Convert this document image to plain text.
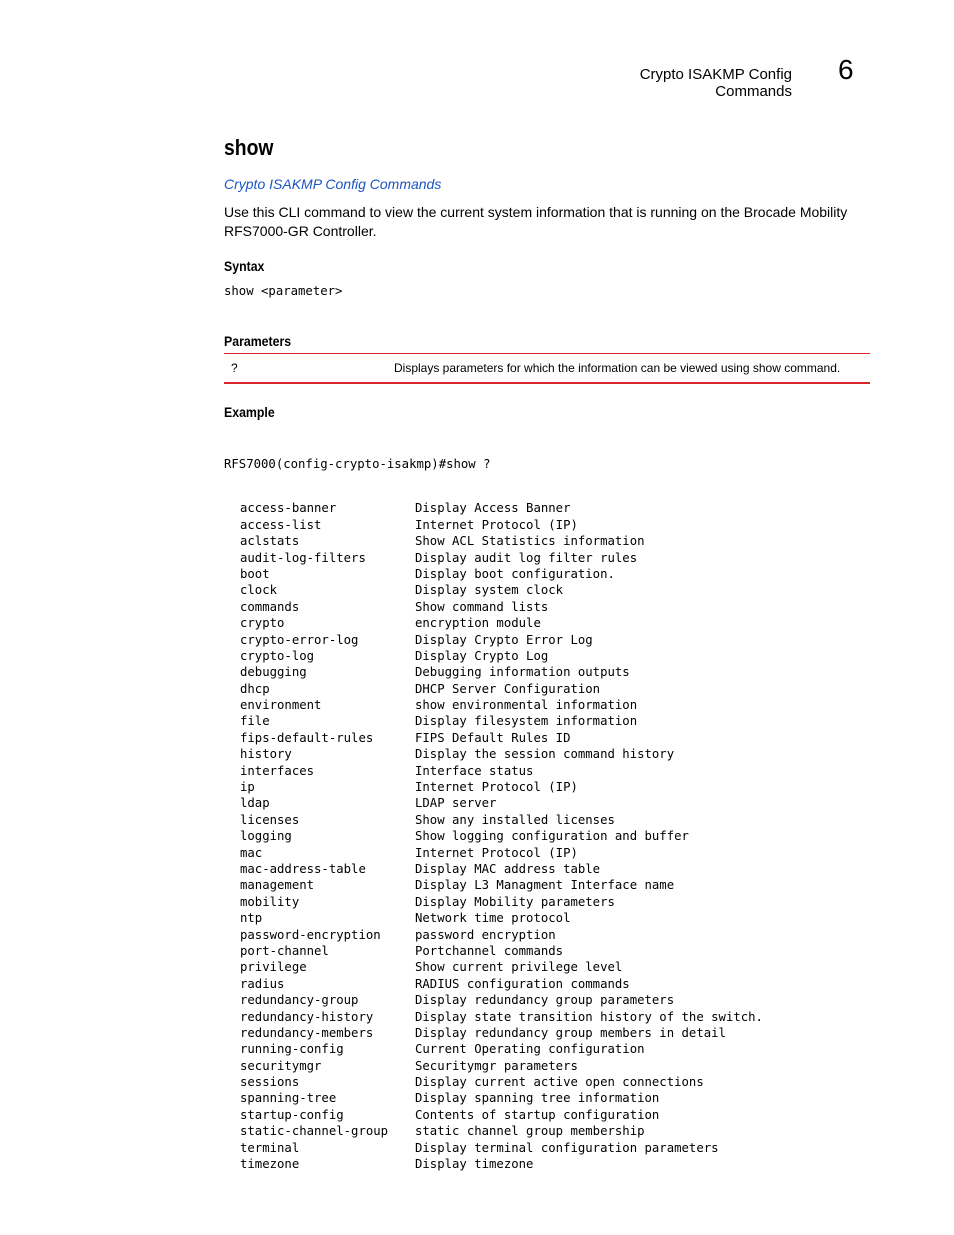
Crypto ISAKMP Config Commands
6
show
Crypto ISAKMP Config Commands
Use this CLI command to view the current system information that is running on the Brocade Mobility RFS7000-GR Controller.
Syntax
show <parameter>
Parameters
?	Displays parameters for which the information can be viewed using show command.
Example

RFS7000(config-crypto-isakmp)#show ?

access-banner	Display Access Banner
access-list	Internet Protocol (IP)
aclstats	Show ACL Statistics information
audit-log-filters	Display audit log filter rules
boot	Display boot configuration.
clock	Display system clock
commands	Show command lists
crypto	encryption module
crypto-error-log	Display Crypto Error Log
crypto-log	Display Crypto Log
debugging	Debugging information outputs
dhcp	DHCP Server Configuration
environment	show environmental information
file	Display filesystem information
fips-default-rules	FIPS Default Rules ID
history	Display the session command history
interfaces	Interface status
ip	Internet Protocol (IP)
ldap	LDAP server
licenses	Show any installed licenses
logging	Show logging configuration and buffer
mac	Internet Protocol (IP)
mac-address-table	Display MAC address table
management	Display L3 Managment Interface name
mobility	Display Mobility parameters
ntp	Network time protocol
password-encryption	password encryption
port-channel	Portchannel commands
privilege	Show current privilege level
radius	RADIUS configuration commands
redundancy-group	Display redundancy group parameters
redundancy-history	Display state transition history of the switch.
redundancy-members	Display redundancy group members in detail
running-config	Current Operating configuration
securitymgr	Securitymgr parameters
sessions	Display current active open connections
spanning-tree	Display spanning tree information
startup-config	Contents of startup configuration
static-channel-group	static channel group membership
terminal	Display terminal configuration parameters
timezone	Display timezone
